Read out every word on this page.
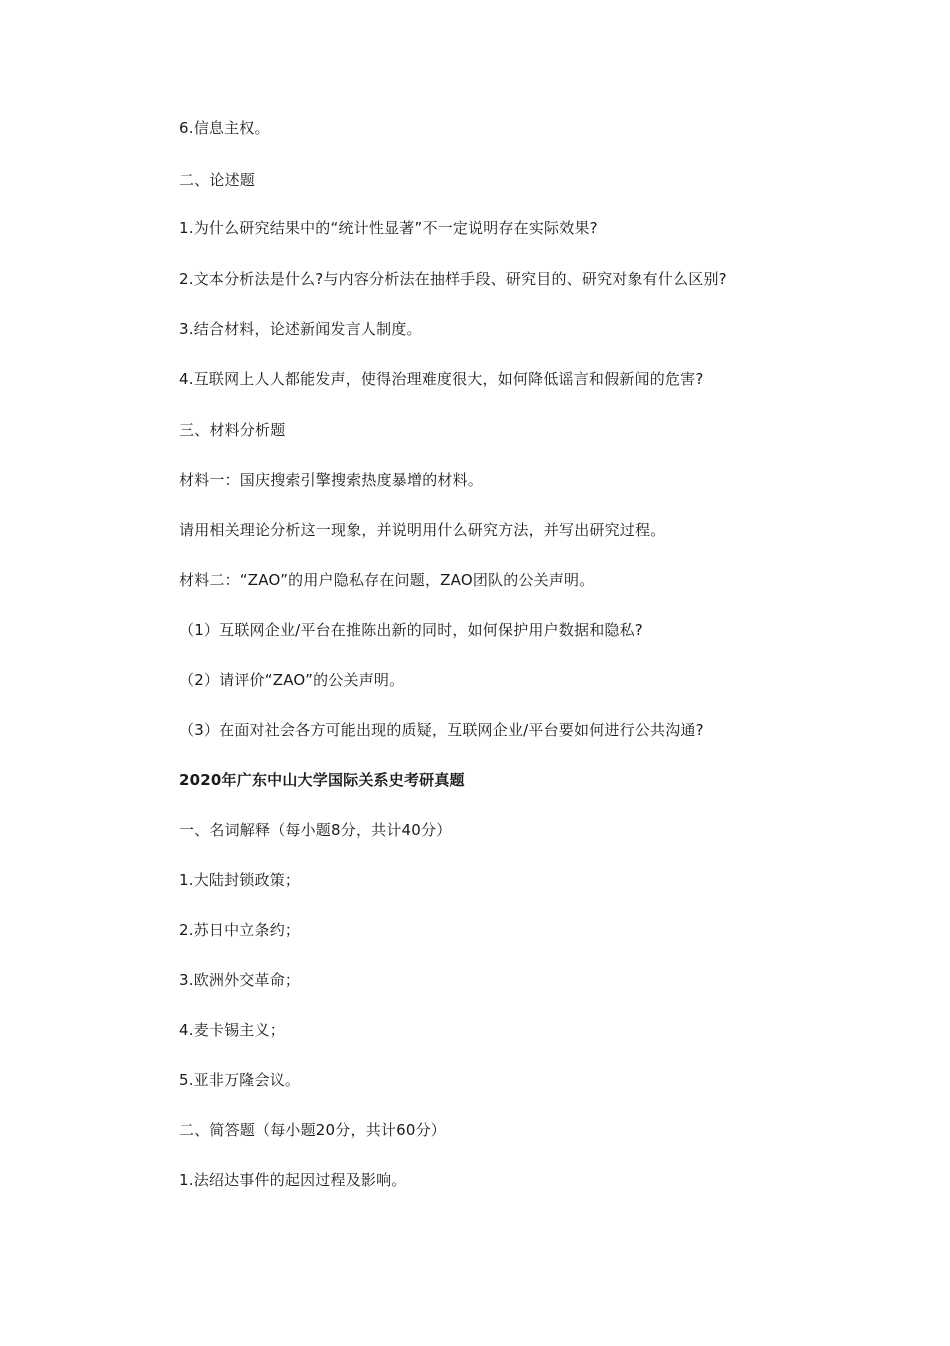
6.信息主权。
二、论述题
1.为什么研究结果中的“统计性显著”不一定说明存在实际效果?
2.文本分析法是什么?与内容分析法在抽样手段、研究目的、研究对象有什么区别?
3.结合材料，论述新闻发言人制度。
4.互联网上人人都能发声，使得治理难度很大，如何降低谣言和假新闻的危害?
三、材料分析题
材料一：国庆搜索引擎搜索热度暴增的材料。
请用相关理论分析这一现象，并说明用什么研究方法，并写出研究过程。
材料二：“ZAO”的用户隐私存在问题，ZAO团队的公关声明。
（1）互联网企业/平台在推陈出新的同时，如何保护用户数据和隐私?
（2）请评价“ZAO”的公关声明。
（3）在面对社会各方可能出现的质疑，互联网企业/平台要如何进行公共沟通?
2020年广东中山大学国际关系史考研真题
一、名词解释（每小题8分，共计40分）
1.大陆封锁政策；
2.苏日中立条约；
3.欧洲外交革命；
4.麦卡锡主义；
5.亚非万隆会议。
二、简答题（每小题20分，共计60分）
1.法绍达事件的起因过程及影响。
